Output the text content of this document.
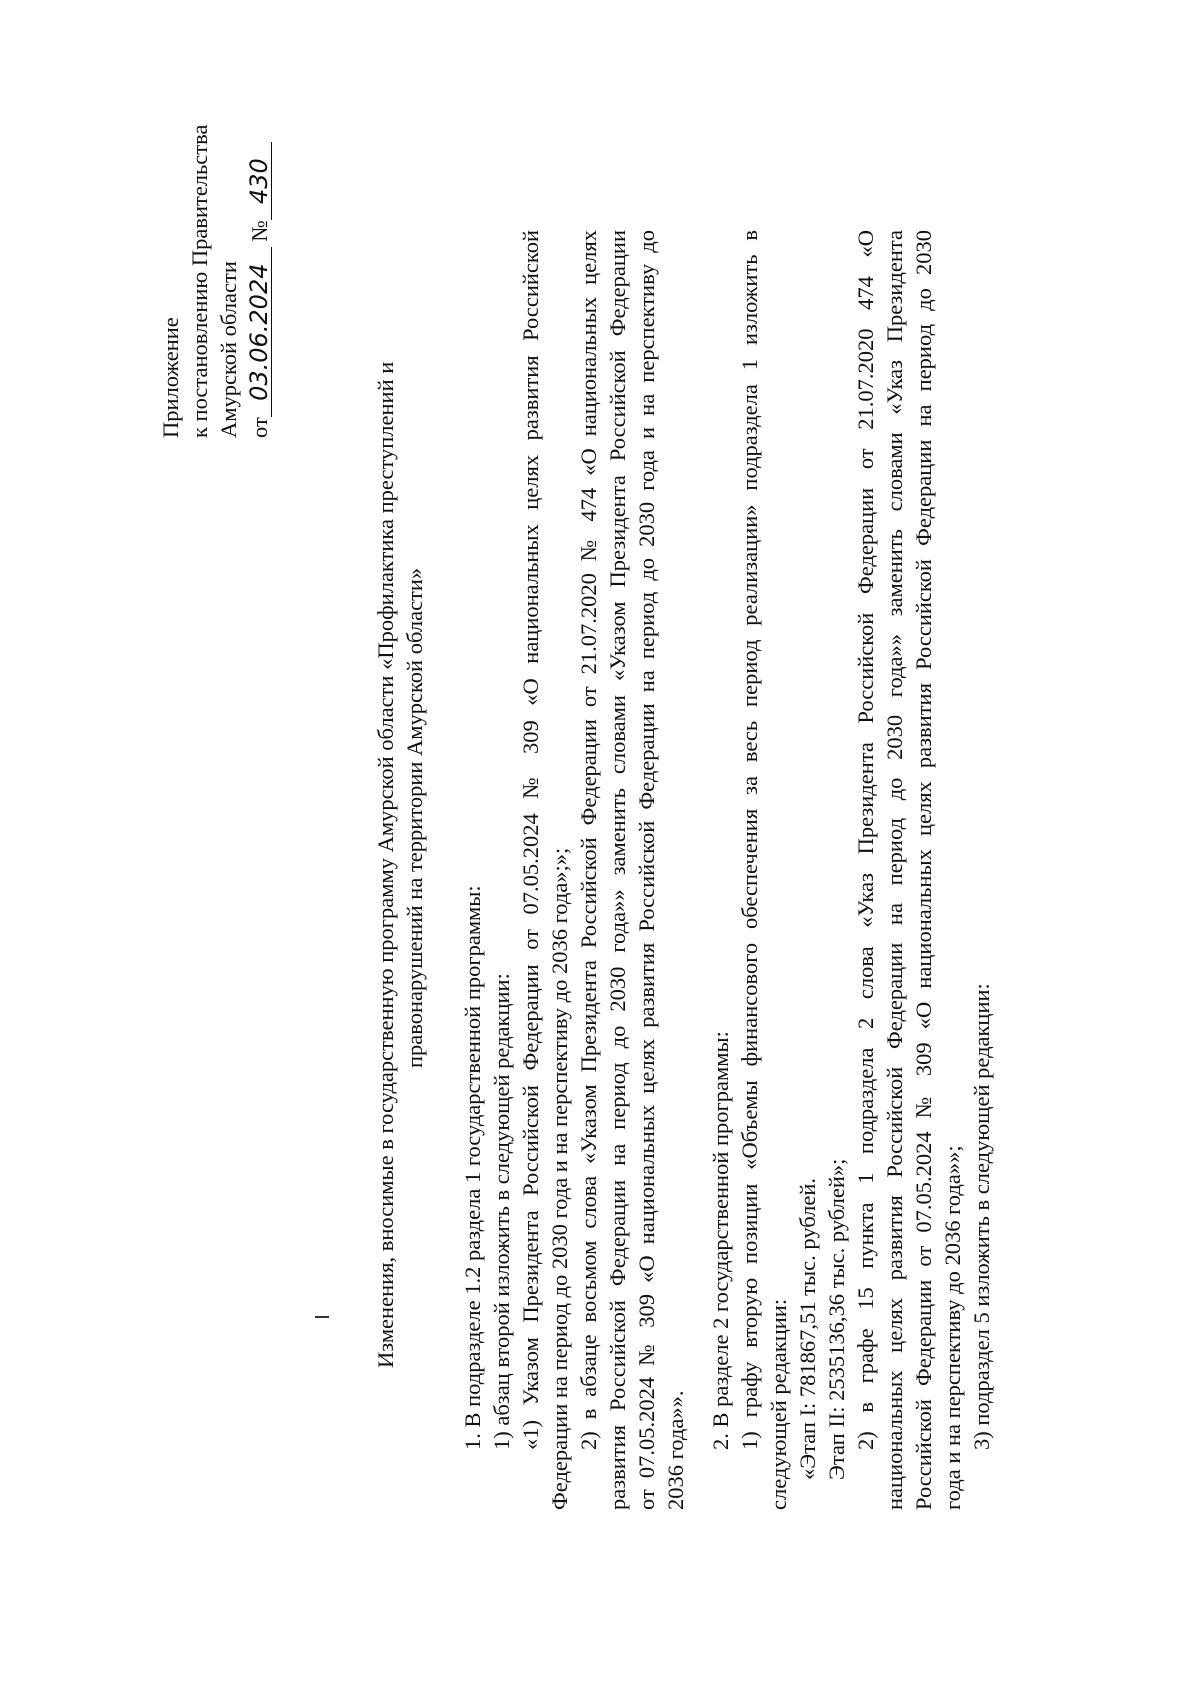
Приложение к постановлению Правительства Амурской области от03.06.2024 №430
Изменения, вносимые в государственную программу Амурской области «Профилактика преступлений и правонарушений на территории Амурской области»
1. В подразделе 1.2 раздела 1 государственной программы: 1) абзац второй изложить в следующей редакции: «1) Указом Президента Российской Федерации от 07.05.2024 № 309 «О национальных целях развития Российской Федерации на период до 2030 года и на перспективу до 2036 года»;»; 2) в абзаце восьмом слова «Указом Президента Российской Федерации от 21.07.2020 № 474 «О национальных целях развития Российской Федерации на период до 2030 года»» заменить словами «Указом Президента Российской Федерации от 07.05.2024 № 309 «О национальных целях развития Российской Федерации на период до 2030 года и на перспективу до 2036 года»».
2. В разделе 2 государственной программы: 1) графу вторую позиции «Объемы финансового обеспечения за весь период реализации» подраздела 1 изложить в следующей редакции: «Этап I: 781867,51 тыс. рублей. Этап II: 2535136,36 тыс. рублей»; 2) в графе 15 пункта 1 подраздела 2 слова «Указ Президента Российской Федерации от 21.07.2020 474 «О национальных целях развития Российской Федерации на период до 2030 года»» заменить словами «Указ Президента Российской Федерации от 07.05.2024 № 309 «О национальных целях развития Российской Федерации на период до 2030 года и на перспективу до 2036 года»»; 3) подраздел 5 изложить в следующей редакции:
